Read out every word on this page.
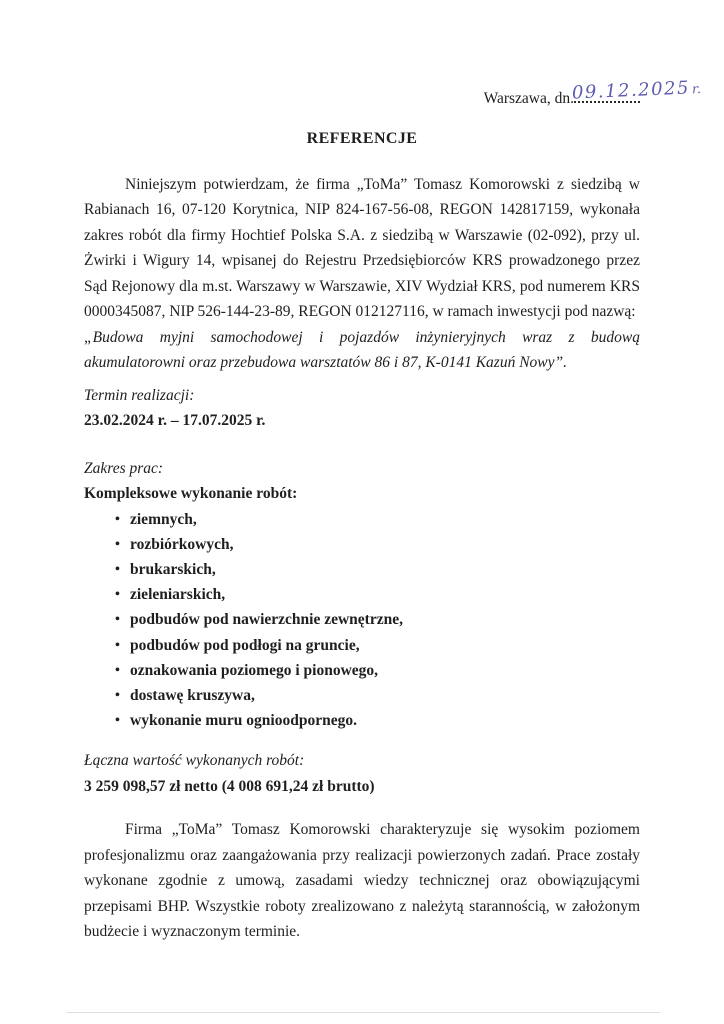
Warszawa, dn.
09.12.2025r.
REFERENCJE

Niniejszym potwierdzam, że firma „ToMa” Tomasz Komorowski z siedzibą w Rabianach 16, 07-120 Korytnica, NIP 824-167-56-08, REGON 142817159, wykonała zakres robót dla firmy Hochtief Polska S.A. z siedzibą w Warszawie (02-092), przy ul. Żwirki i Wigury 14, wpisanej do Rejestru Przedsiębiorców KRS prowadzonego przez Sąd Rejonowy dla m.st. Warszawy w Warszawie, XIV Wydział KRS, pod numerem KRS 0000345087, NIP 526-144-23-89, REGON 012127116, w ramach inwestycji pod nazwą:

„Budowa myjni samochodowej i pojazdów inżynieryjnych wraz z budową akumulatorowni oraz przebudowa warsztatów 86 i 87, K-0141 Kazuń Nowy”.

Termin realizacji:

23.02.2024 r. – 17.07.2025 r.

Zakres prac:

Kompleksowe wykonanie robót:

• ziemnych,
• rozbiórkowych,
• brukarskich,
• zieleniarskich,
• podbudów pod nawierzchnie zewnętrzne,
• podbudów pod podłogi na gruncie,
• oznakowania poziomego i pionowego,
• dostawę kruszywa,
• wykonanie muru ognioodpornego.

Łączna wartość wykonanych robót:

3 259 098,57 zł netto (4 008 691,24 zł brutto)

Firma „ToMa” Tomasz Komorowski charakteryzuje się wysokim poziomem profesjonalizmu oraz zaangażowania przy realizacji powierzonych zadań. Prace zostały wykonane zgodnie z umową, zasadami wiedzy technicznej oraz obowiązującymi przepisami BHP. Wszystkie roboty zrealizowano z należytą starannością, w założonym budżecie i wyznaczonym terminie.
